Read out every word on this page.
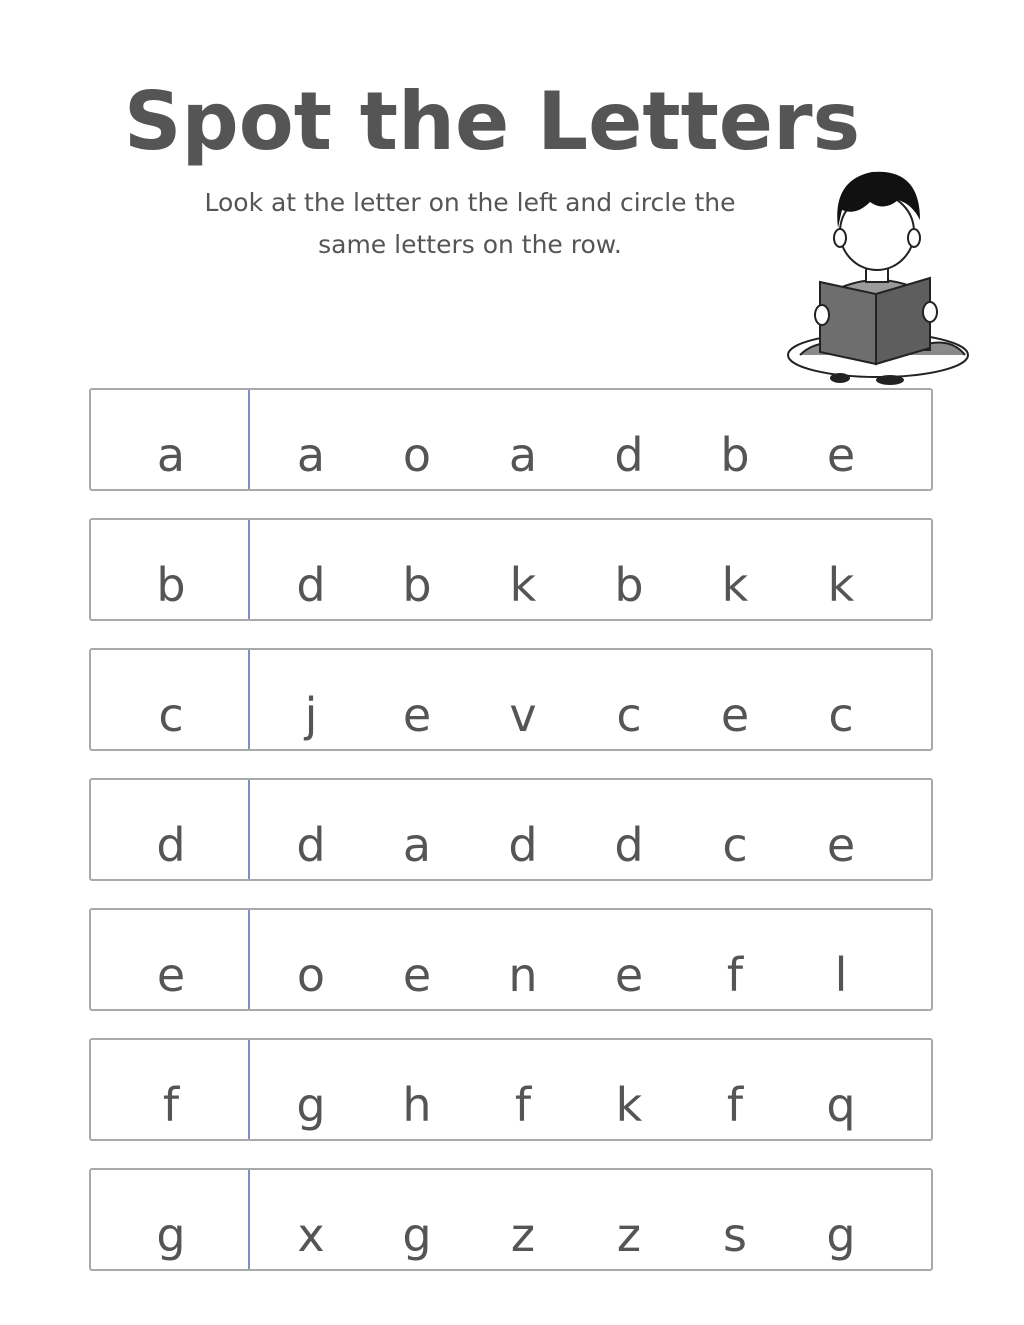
Spot the Letters
Look at the letter on the left and circle the
same letters on the row.
a	a	o	a	d	b	e
b	d	b	k	b	k	k
c	j	e	v	c	e	c
d	d	a	d	d	c	e
e	o	e	n	e	f	l
f	g	h	f	k	f	q
g	x	g	z	z	s	g
